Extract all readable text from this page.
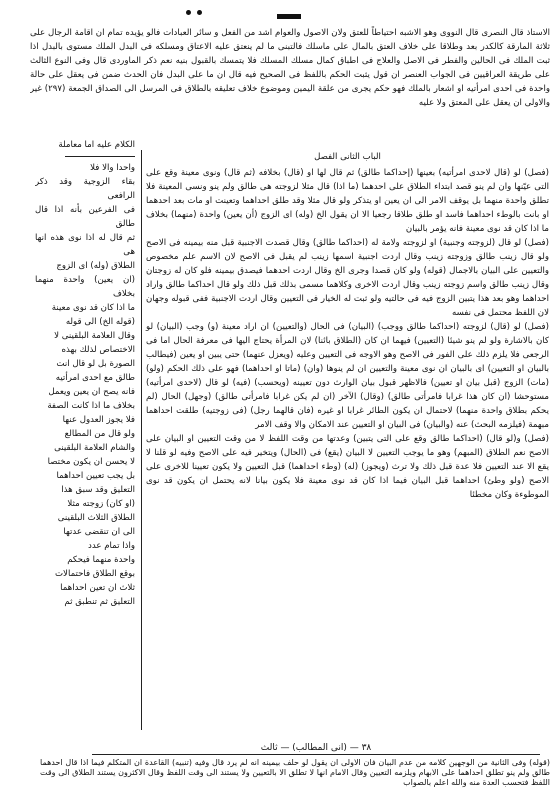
الاستاذ قال النصرى قال النووى وهو الاشبه احتياطاً للعتق ولان الاصول والعوام اشد من الفعل و سائر العبادات فالو يؤيده تمام ان اقامة الرجال على ثلاثة المارقة كالكدر بعد وطلاقا على خلاف العتق بالمال على ماسلك فالتبنى ما لم ينعتق عليه الاعتاق ومسلكه فى البدل الملك مستوى بالبدل اذا ثبت الملك فى الحالين والفطر فى الاصل والعلاج فى اطباق كمال مسلك المسلك فلا يتمسك بالقبول بنيه نعم ذكر الماوردى قال وفى النوع الثالث على طريقة العراقيين فى الجواب العنصر ان قول يثبت الحكم باللفظ فى الصحيح فيه قال ان ما على البدل فان الحدث ضمن فى يعقل على حالة واحدة فى احدى امرأتيه او اشعار بالملك فهو حكم يجرى من علقة اليمين وموضوع خلاف تعليقه بالطلاق فى المرسل الى الصداق الجمعة (۲۹۷) غير والاولى ان يعقل على المعتق ولا عليه

الباب الثانى الفصل

(فصل) لو (قال لاحدى امرأتيه) بعينها (إحداكما طالق) ثم قال لها او (قال) بخلافه (ثم قال) ونوى معينة وقع على التى عيّنها وان لم ينو قصد ابتداء الطلاق على احدهما (ما اذا) قال مثلا لزوجته هى طالق ولم ينو ونسى المعينة فلا تطلق واحدة منهما بل يوقف الامر الى ان يعين او يتذكر ولو قال مثلا وقد طلق احداهما وتعينت او مات بعد احدهما او بانت بالوطء احداهما فاسد او طلق طلاقا رجعيا الا ان يقول الخ (وله) اى الزوج (أن يعين) واحدة (منهما) بخلاف ما اذا كان قد نوى معينة فانه يؤمر بالبيان

(فصل) لو قال (لزوجته وجنبية) او لزوجته ولامة له (احداكما طالق) وقال قصدت الاجنبية قبل منه بيمينه فى الاصح ولو قال زينب طالق وزوجته زينب وقال اردت اجنبية اسمها زينب لم يقبل فى الاصح لان الاسم علم مخصوص والتعيين على البيان بالاجمال (قوله) ولو كان قصدا وجرى الخ وقال اردت احدهما فيصدق بيمينه فلو كان له زوجتان وقال زينب طالق واسم زوجته زينب وقال اردت الاخرى وكلاهما مسمى بذلك قبل ذلك ولو قال احداكما طالق واراد احداهما وهو بعد هذا يتبين الزوج فيه فى حالتيه ولو ثبت له الخيار فى التعيين وقال اردت الاجنبية ففى قبوله وجهان لان اللفظ محتمل فى نفسه

(فصل) لو (قال) لزوجته (احداكما طالق ووجب) (البيان) فى الحال (والتعيين) ان اراد معينة (و) وجب (البيان) لو كان بالاشارة ولو لم ينو شيئا (التعيين) فيهما ان كان (الطلاق بائنا) لان المرأة يحتاج اليها فى معرفة الحال اما فى الرجعى فلا يلزم ذلك على الفور فى الاصح وهو الاوجه فى التعيين وعليه (ويعزل عنهما) حتى يبين او يعين (فيطالب بالبيان او التعيين) اى بالبيان ان نوى معينة والتعيين ان لم ينوها (وان) (ماتا او احداهما) فهو على ذلك الحكم (ولو) (مات) الزوج (قبل بيان او تعيين) فالاظهر قبول بيان الوارث دون تعيينه (ويحسب) (فيه) لو قال (لاحدى امرأتيه) مستوحشا (ان كان هذا غرابا فامرأتى طالق) (وقال) الآخر (ان لم يكن غرابا فامرأتى طالق) (وجهل) الحال (لم يحكم بطلاق واحدة منهما) لاحتمال ان يكون الطائر غرابا او غيره (فان قالهما رجل) (فى زوجتيه) طلقت احداهما مبهمة (فيلزمه البحث) عنه (والبيان) فى البيان او التعيين عند الامكان والا وقف الامر

(فصل) و(لو قال) (احداكما طالق وقع على التى يتبين) وعدتها من وقت اللفظ لا من وقت التعيين او البيان على الاصح نعم الطلاق (المبهم) وهو ما يوجب التعيين لا البيان (يقع) فى (الحال) ويتخير فيه على الاصح وفيه لو قلنا لا يقع الا عند التعيين فلا عدة قبل ذلك ولا ترث (ويجوز) (له) (وطء احداهما) قبل التعيين ولا يكون تعيينا للاخرى على الاصح (ولو وطئ) احداهما قبل البيان فيما اذا كان قد نوى معينة فلا يكون بيانا لانه يحتمل ان يكون قد نوى الموطوءة وكان مخطئا

الكلام عليه اما معاملة

واحدا والا فلا

بقاء الزوجية وقد ذكر الرافعى

فى الفرعين بأنه اذا قال طالق

ثم قال له اذا نوى هذه انها هى

الطلاق (وله) اى الزوج

(ان يعين) واحدة منهما بخلاف

ما اذا كان قد نوى معينة

(قوله الخ) الى قوله

وقال العلامة البلقينى لا

الاختصاص لذلك بهذه

الصورة بل لو قال انت

طالق مع احدى امرأتيه

فانه يصح ان يعين ويعمل

بخلاف ما اذا كانت الصفة

فلا يجوز العدول عنها

ولو قال من المطالع

والشام العلامة البلقينى

لا يحسن ان يكون مختصا

بل يجب تعيين احداهما

التعليق وقد سبق هذا

(او كان) زوجته مثلا

الطلاق الثلاث البلقينى

الى ان تنقضى عدتها

واذا تمام عدد

واحدة منهما فيحكم

بوقع الطلاق فاحتمالات

ثلاث ان تعين احداهما

التعليق ثم تنطبق ثم

٣٨ — (انى المطالب) — ثالث

(قوله) وفى الثانية من الوجهين كلامه من عدم البيان فان الاولى ان يقول لو حلف بيمينه انه لم يرد قال وفيه (تنبيه) القاعدة ان المتكلم فيما اذا قال احدهما طالق ولم ينو تطلق احداهما على الابهام ويلزمه التعيين وقال الامام انها لا تطلق الا بالتعيين ولا يستند الى وقت اللفظ وقال الاكثرون يستند الطلاق الى وقت اللفظ فتحسب العدة منه والله اعلم بالصواب
